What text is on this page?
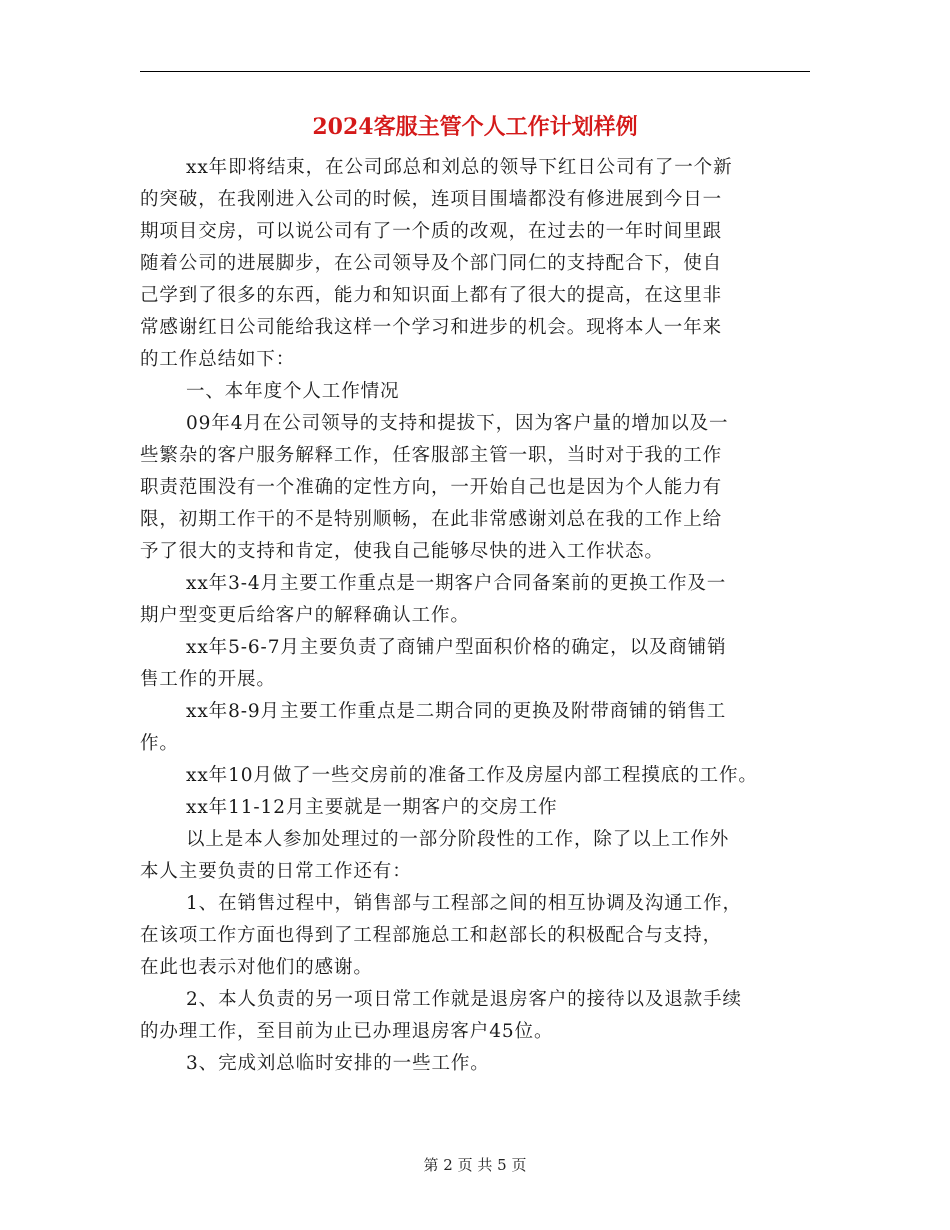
2024客服主管个人工作计划样例
xx年即将结束，在公司邱总和刘总的领导下红日公司有了一个新
的突破，在我刚进入公司的时候，连项目围墙都没有修进展到今日一
期项目交房，可以说公司有了一个质的改观，在过去的一年时间里跟
随着公司的进展脚步，在公司领导及个部门同仁的支持配合下，使自
己学到了很多的东西，能力和知识面上都有了很大的提高，在这里非
常感谢红日公司能给我这样一个学习和进步的机会。现将本人一年来
的工作总结如下：
一、本年度个人工作情况
09年4月在公司领导的支持和提拔下，因为客户量的增加以及一
些繁杂的客户服务解释工作，任客服部主管一职，当时对于我的工作
职责范围没有一个准确的定性方向，一开始自己也是因为个人能力有
限，初期工作干的不是特别顺畅，在此非常感谢刘总在我的工作上给
予了很大的支持和肯定，使我自己能够尽快的进入工作状态。
xx年3-4月主要工作重点是一期客户合同备案前的更换工作及一
期户型变更后给客户的解释确认工作。
xx年5-6-7月主要负责了商铺户型面积价格的确定，以及商铺销
售工作的开展。
xx年8-9月主要工作重点是二期合同的更换及附带商铺的销售工
作。
xx年10月做了一些交房前的准备工作及房屋内部工程摸底的工作。
xx年11-12月主要就是一期客户的交房工作
以上是本人参加处理过的一部分阶段性的工作，除了以上工作外
本人主要负责的日常工作还有：
1、在销售过程中，销售部与工程部之间的相互协调及沟通工作，
在该项工作方面也得到了工程部施总工和赵部长的积极配合与支持，
在此也表示对他们的感谢。
2、本人负责的另一项日常工作就是退房客户的接待以及退款手续
的办理工作，至目前为止已办理退房客户45位。
3、完成刘总临时安排的一些工作。
第 2 页 共 5 页
